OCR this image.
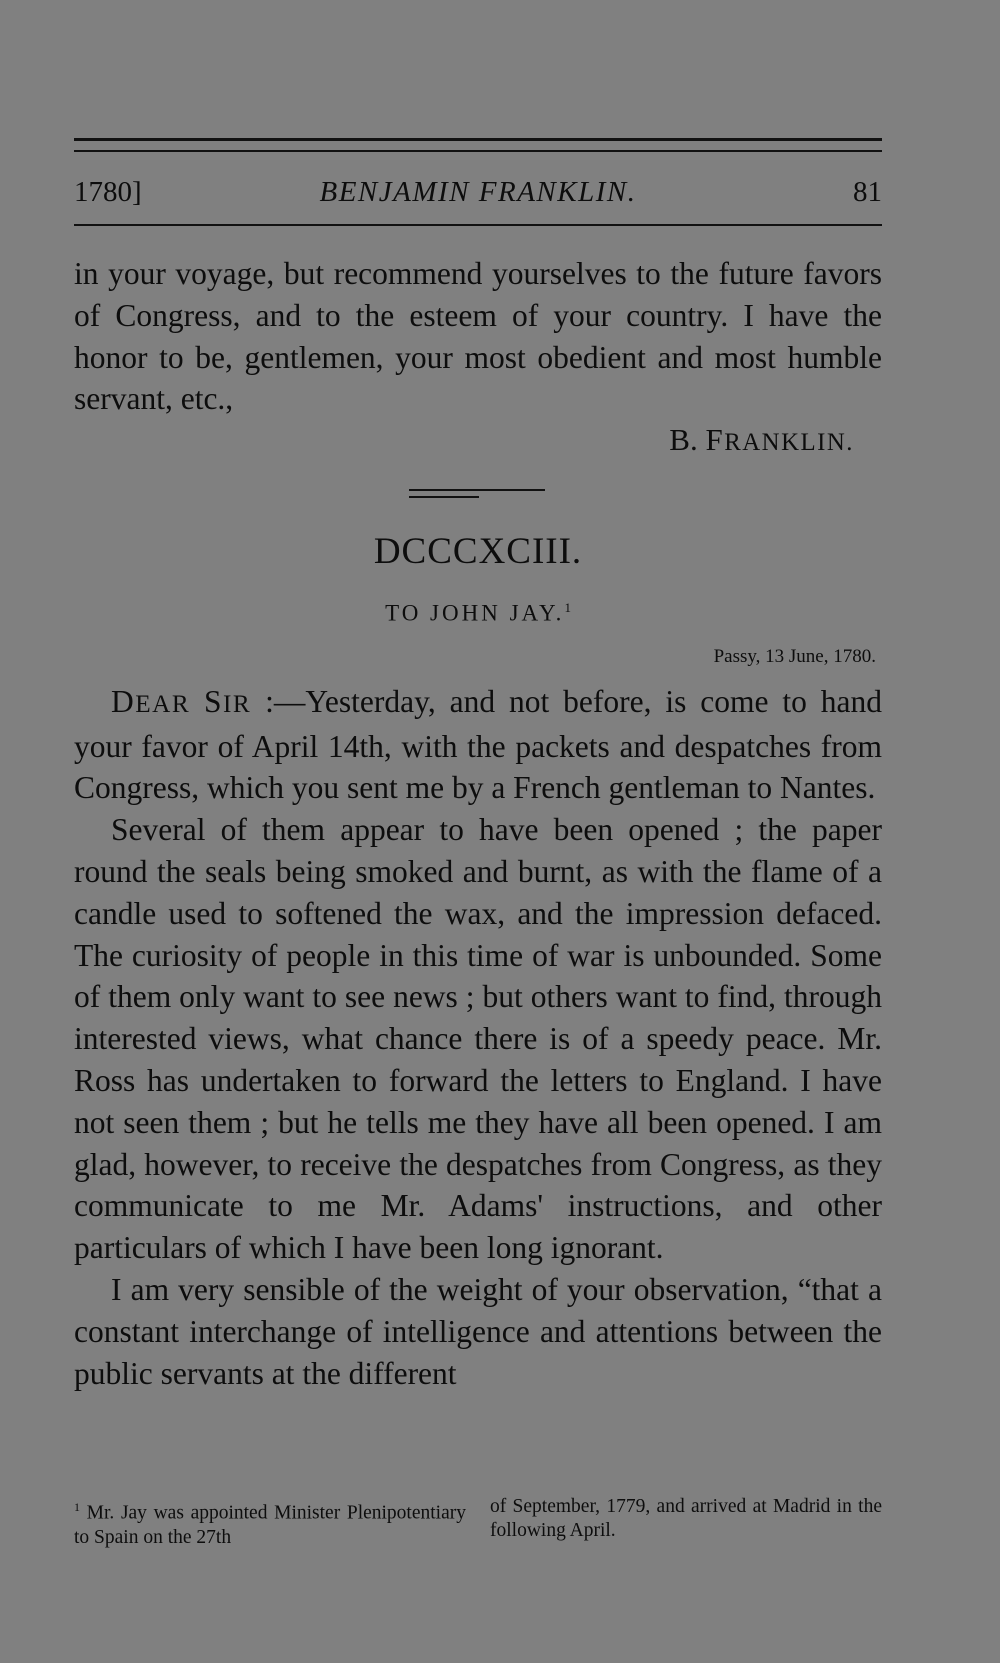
1780]	BENJAMIN FRANKLIN.	81

in your voyage, but recommend yourselves to the future favors of Congress, and to the esteem of your country. I have the honor to be, gentlemen, your most obedient and most humble servant, etc.,

B. FRANKLIN.
DCCCXCIII.
TO JOHN JAY.$^1$
Passy, 13 June, 1780.

DEAR SIR :—Yesterday, and not before, is come to hand your favor of April 14th, with the packets and despatches from Congress, which you sent me by a French gentleman to Nantes.

Several of them appear to have been opened ; the paper round the seals being smoked and burnt, as with the flame of a candle used to softened the wax, and the impression defaced. The curiosity of people in this time of war is unbounded. Some of them only want to see news ; but others want to find, through interested views, what chance there is of a speedy peace. Mr. Ross has undertaken to forward the letters to England. I have not seen them ; but he tells me they have all been opened. I am glad, however, to receive the despatches from Congress, as they communicate to me Mr. Adams' instructions, and other particulars of which I have been long ignorant.

I am very sensible of the weight of your observation, “that a constant interchange of intelligence and attentions between the public servants at the different

$^1$ Mr. Jay was appointed Minister Plenipotentiary to Spain on the 27th
of September, 1779, and arrived at Madrid in the following April.
